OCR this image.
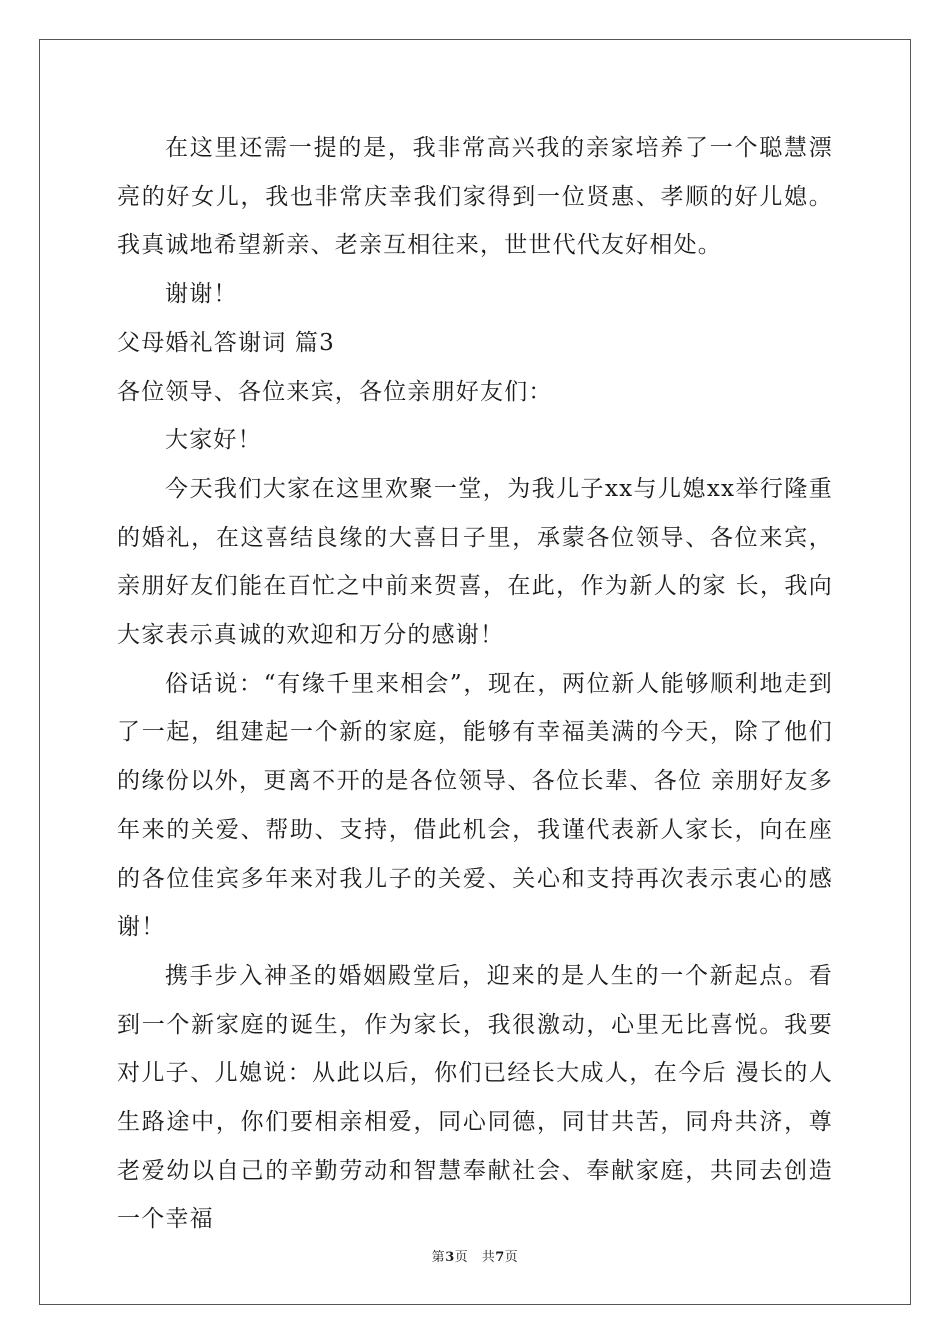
在这里还需一提的是，我非常高兴我的亲家培养了一个聪慧漂亮的好女儿，我也非常庆幸我们家得到一位贤惠、孝顺的好儿媳。我真诚地希望新亲、老亲互相往来，世世代代友好相处。

谢谢！

父母婚礼答谢词 篇3

各位领导、各位来宾，各位亲朋好友们：

大家好！

今天我们大家在这里欢聚一堂，为我儿子xx与儿媳xx举行隆重的婚礼，在这喜结良缘的大喜日子里，承蒙各位领导、各位来宾，亲朋好友们能在百忙之中前来贺喜，在此，作为新人的家 长，我向大家表示真诚的欢迎和万分的感谢！

俗话说：“有缘千里来相会”，现在，两位新人能够顺利地走到了一起，组建起一个新的家庭，能够有幸福美满的今天，除了他们的缘份以外，更离不开的是各位领导、各位长辈、各位 亲朋好友多年来的关爱、帮助、支持，借此机会，我谨代表新人家长，向在座的各位佳宾多年来对我儿子的关爱、关心和支持再次表示衷心的感谢！

携手步入神圣的婚姻殿堂后，迎来的是人生的一个新起点。看到一个新家庭的诞生，作为家长，我很激动，心里无比喜悦。我要对儿子、儿媳说：从此以后，你们已经长大成人，在今后 漫长的人生路途中，你们要相亲相爱，同心同德，同甘共苦，同舟共济，尊老爱幼以自己的辛勤劳动和智慧奉献社会、奉献家庭，共同去创造一个幸福

第3页　共7页
